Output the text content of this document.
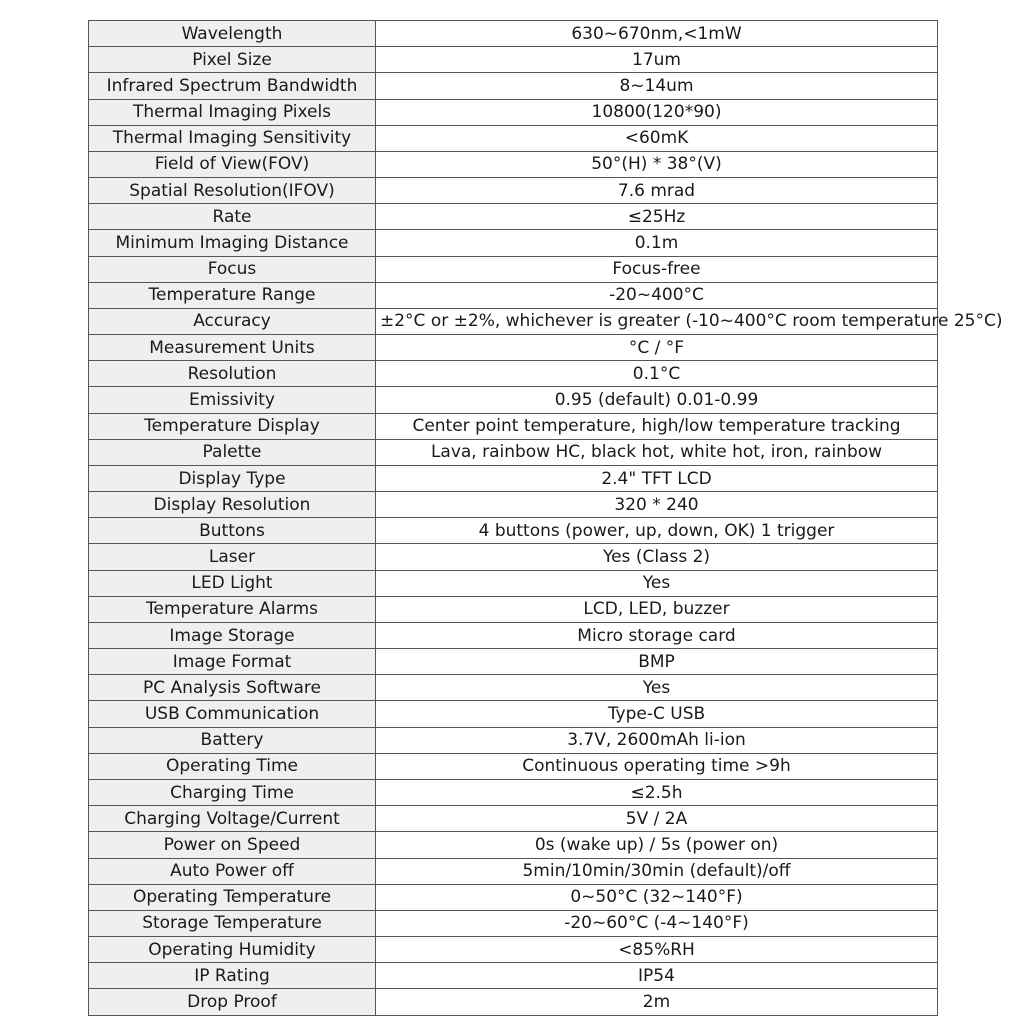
Wavelength	630~670nm,<1mW
Pixel Size	17um
Infrared Spectrum Bandwidth	8~14um
Thermal Imaging Pixels	10800(120*90)
Thermal Imaging Sensitivity	<60mK
Field of View(FOV)	50°(H) * 38°(V)
Spatial Resolution(IFOV)	7.6 mrad
Rate	≤25Hz
Minimum Imaging Distance	0.1m
Focus	Focus-free
Temperature Range	-20~400°C
Accuracy	±2°C or ±2%, whichever is greater (-10~400°C room temperature 25°C)
Measurement Units	°C / °F
Resolution	0.1°C
Emissivity	0.95 (default) 0.01-0.99
Temperature Display	Center point temperature, high/low temperature tracking
Palette	Lava, rainbow HC, black hot, white hot, iron, rainbow
Display Type	2.4" TFT LCD
Display Resolution	320 * 240
Buttons	4 buttons (power, up, down, OK) 1 trigger
Laser	Yes (Class 2)
LED Light	Yes
Temperature Alarms	LCD, LED, buzzer
Image Storage	Micro storage card
Image Format	BMP
PC Analysis Software	Yes
USB Communication	Type-C USB
Battery	3.7V, 2600mAh li-ion
Operating Time	Continuous operating time >9h
Charging Time	≤2.5h
Charging Voltage/Current	5V / 2A
Power on Speed	0s (wake up) / 5s (power on)
Auto Power off	5min/10min/30min (default)/off
Operating Temperature	0~50°C (32~140°F)
Storage Temperature	-20~60°C (-4~140°F)
Operating Humidity	<85%RH
IP Rating	IP54
Drop Proof	2m
